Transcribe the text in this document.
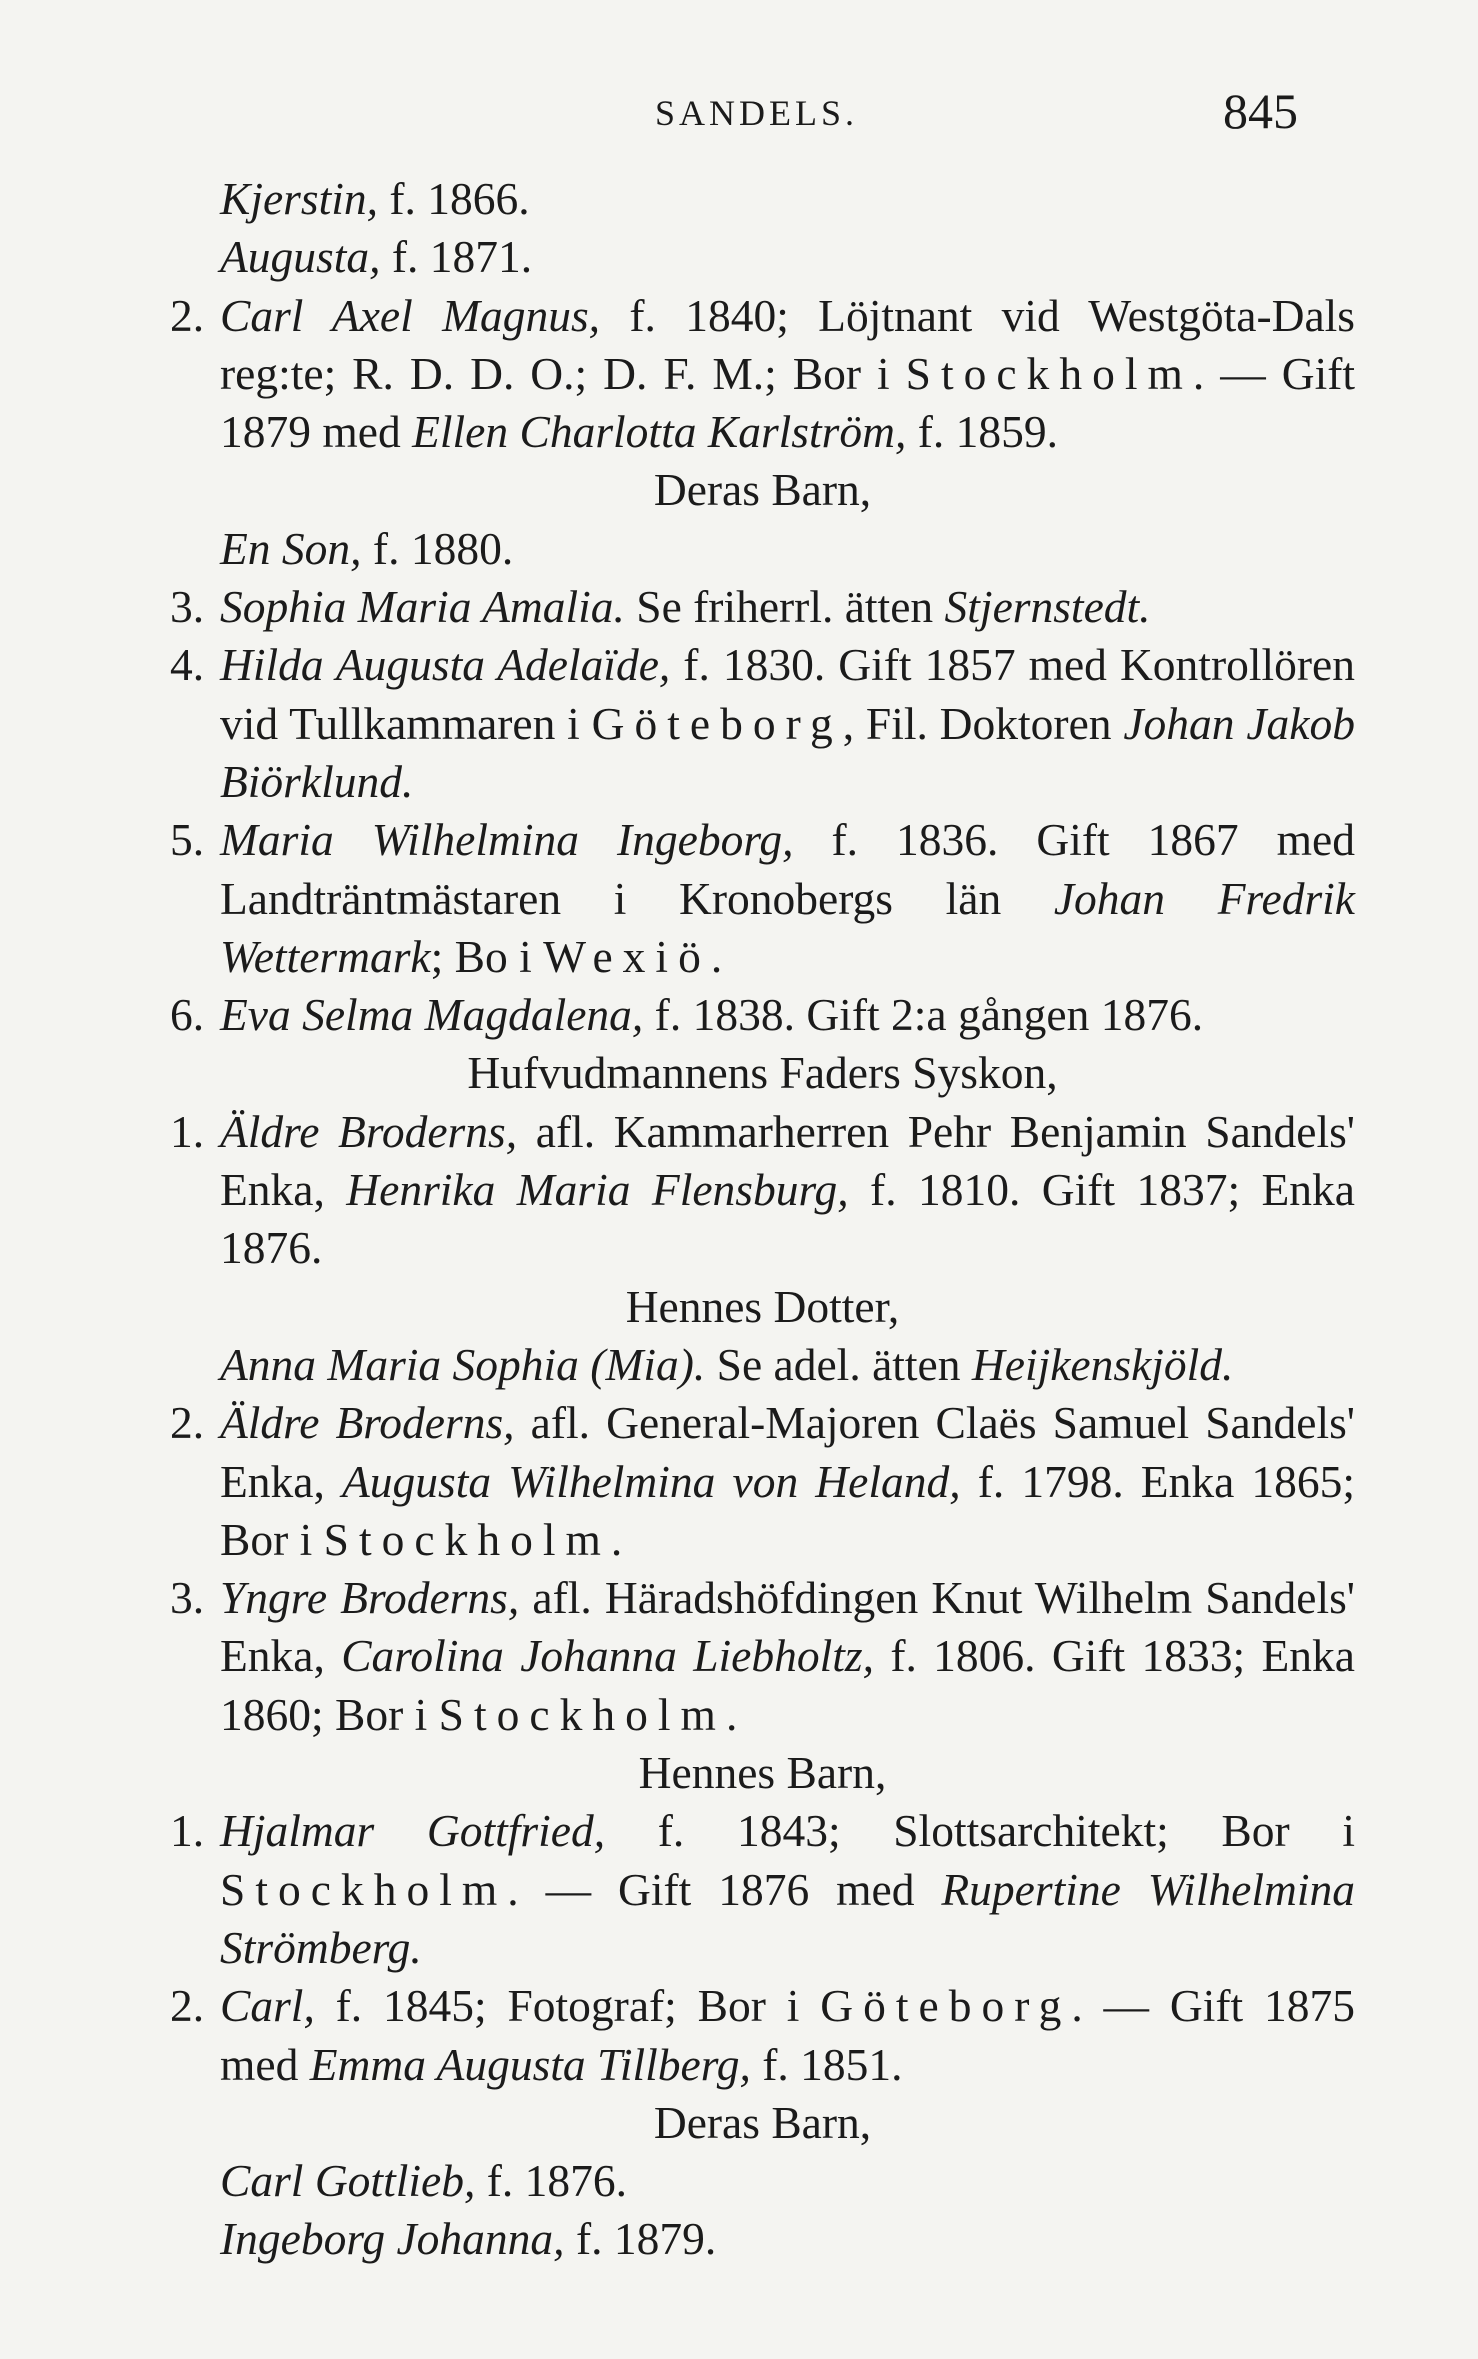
SANDELS.	845
Kjerstin, f. 1866.
Augusta, f. 1871.
2. Carl Axel Magnus, f. 1840; Löjtnant vid Westgöta-Dals reg:te; R. D. D. O.; D. F. M.; Bor i Stockholm. — Gift 1879 med Ellen Charlotta Karlström, f. 1859.
Deras Barn,
En Son, f. 1880.
3. Sophia Maria Amalia. Se friherrl. ätten Stjernstedt.
4. Hilda Augusta Adelaïde, f. 1830. Gift 1857 med Kontrollören vid Tullkammaren i Göteborg, Fil. Doktoren Johan Jakob Biörklund.
5. Maria Wilhelmina Ingeborg, f. 1836. Gift 1867 med Landträntmästaren i Kronobergs län Johan Fredrik Wettermark; Bo i Wexiö.
6. Eva Selma Magdalena, f. 1838. Gift 2:a gången 1876.
Hufvudmannens Faders Syskon,
1. Äldre Broderns, afl. Kammarherren Pehr Benjamin Sandels' Enka, Henrika Maria Flensburg, f. 1810. Gift 1837; Enka 1876.
Hennes Dotter,
Anna Maria Sophia (Mia). Se adel. ätten Heijkenskjöld.
2. Äldre Broderns, afl. General-Majoren Claës Samuel Sandels' Enka, Augusta Wilhelmina von Heland, f. 1798. Enka 1865; Bor i Stockholm.
3. Yngre Broderns, afl. Häradshöfdingen Knut Wilhelm Sandels' Enka, Carolina Johanna Liebholtz, f. 1806. Gift 1833; Enka 1860; Bor i Stockholm.
Hennes Barn,
1. Hjalmar Gottfried, f. 1843; Slottsarchitekt; Bor i Stockholm. — Gift 1876 med Rupertine Wilhelmina Strömberg.
2. Carl, f. 1845; Fotograf; Bor i Göteborg. — Gift 1875 med Emma Augusta Tillberg, f. 1851.
Deras Barn,
Carl Gottlieb, f. 1876.
Ingeborg Johanna, f. 1879.
